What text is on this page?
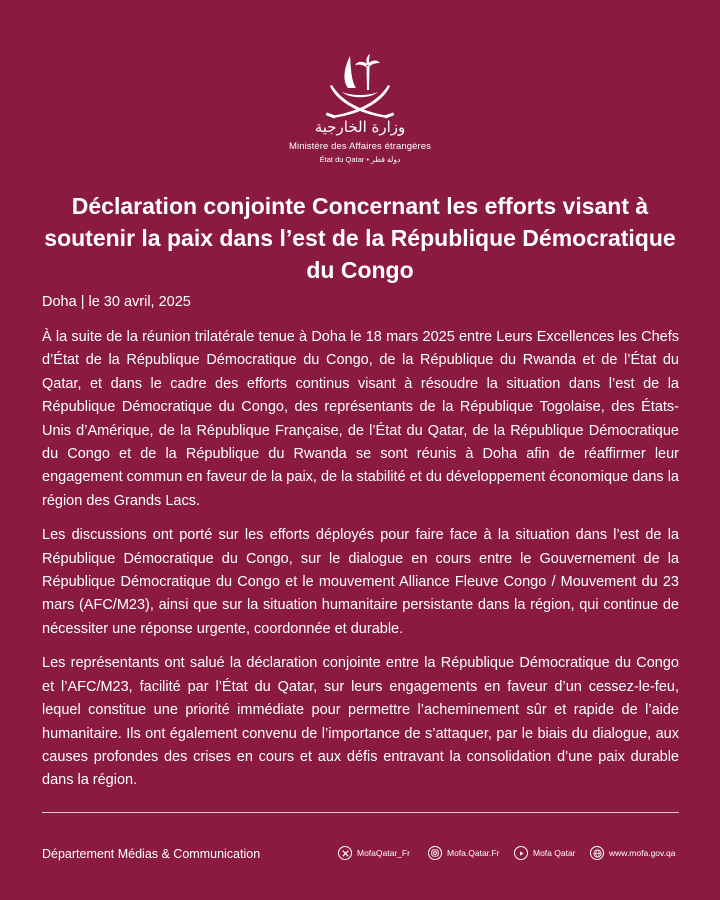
وزارة الخارجية
Ministère des Affaires étrangères
État du Qatar • دولة قطر
Déclaration conjointe Concernant les efforts visant à soutenir la paix dans l’est de la République Démocratique du Congo
Doha | le 30 avril, 2025

À la suite de la réunion trilatérale tenue à Doha le 18 mars 2025 entre Leurs Excellences les Chefs d’État de la République Démocratique du Congo, de la République du Rwanda et de l’État du Qatar, et dans le cadre des efforts continus visant à résoudre la situation dans l’est de la République Démocratique du Congo, des représentants de la République Togolaise, des États-Unis d’Amérique, de la République Française, de l’État du Qatar, de la République Démocratique du Congo et de la République du Rwanda se sont réunis à Doha afin de réaffirmer leur engagement commun en faveur de la paix, de la stabilité et du développement économique dans la région des Grands Lacs.

Les discussions ont porté sur les efforts déployés pour faire face à la situation dans l’est de la République Démocratique du Congo, sur le dialogue en cours entre le Gouvernement de la République Démocratique du Congo et le mouvement Alliance Fleuve Congo / Mouvement du 23 mars (AFC/M23), ainsi que sur la situation humanitaire persistante dans la région, qui continue de nécessiter une réponse urgente, coordonnée et durable.

Les représentants ont salué la déclaration conjointe entre la République Démocratique du Congo et l’AFC/M23, facilité par l’État du Qatar, sur leurs engagements en faveur d’un cessez-le-feu, lequel constitue une priorité immédiate pour permettre l’acheminement sûr et rapide de l’aide humanitaire. Ils ont également convenu de l’importance de s’attaquer, par le biais du dialogue, aux causes profondes des crises en cours et aux défis entravant la consolidation d’une paix durable dans la région.

Département Médias & Communication	MofaQatar_Fr	Mofa.Qatar.Fr	Mofa Qatar	www.mofa.gov.qa
